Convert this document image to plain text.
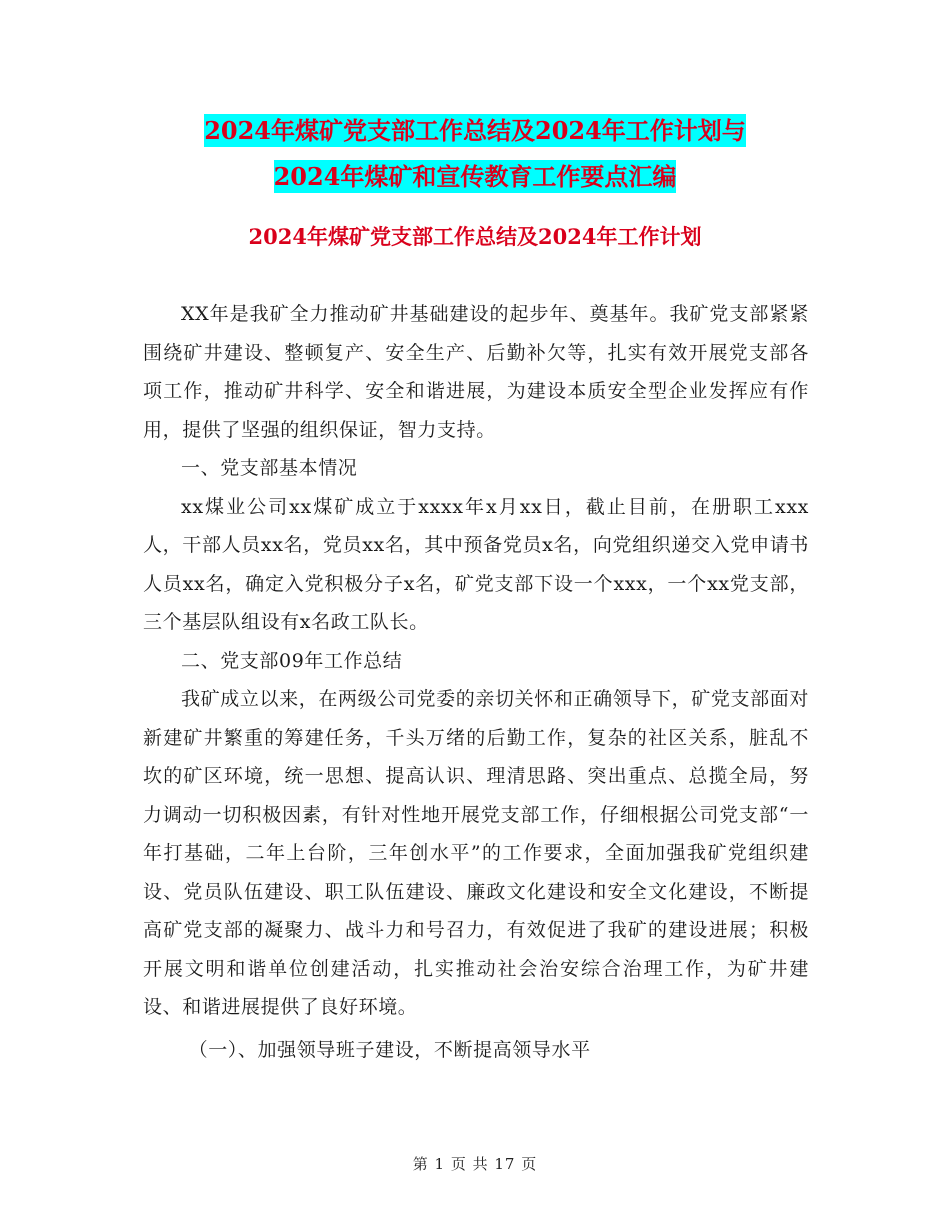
2024年煤矿党支部工作总结及2024年工作计划与
2024年煤矿和宣传教育工作要点汇编
2024年煤矿党支部工作总结及2024年工作计划

XX年是我矿全力推动矿井基础建设的起步年、奠基年。我矿党支部紧紧围绕矿井建设、整顿复产、安全生产、后勤补欠等，扎实有效开展党支部各项工作，推动矿井科学、安全和谐进展，为建设本质安全型企业发挥应有作用，提供了坚强的组织保证，智力支持。

一、党支部基本情况

xx煤业公司xx煤矿成立于xxxx年x月xx日，截止目前，在册职工xxx人，干部人员xx名，党员xx名，其中预备党员x名，向党组织递交入党申请书人员xx名，确定入党积极分子x名，矿党支部下设一个xxx，一个xx党支部，三个基层队组设有x名政工队长。

二、党支部09年工作总结

我矿成立以来，在两级公司党委的亲切关怀和正确领导下，矿党支部面对新建矿井繁重的筹建任务，千头万绪的后勤工作，复杂的社区关系，脏乱不坎的矿区环境，统一思想、提高认识、理清思路、突出重点、总揽全局，努力调动一切积极因素，有针对性地开展党支部工作，仔细根据公司党支部“一年打基础，二年上台阶，三年创水平”的工作要求，全面加强我矿党组织建设、党员队伍建设、职工队伍建设、廉政文化建设和安全文化建设，不断提高矿党支部的凝聚力、战斗力和号召力，有效促进了我矿的建设进展；积极开展文明和谐单位创建活动，扎实推动社会治安综合治理工作，为矿井建设、和谐进展提供了良好环境。

（一）、加强领导班子建设，不断提高领导水平

第 1 页 共 17 页
